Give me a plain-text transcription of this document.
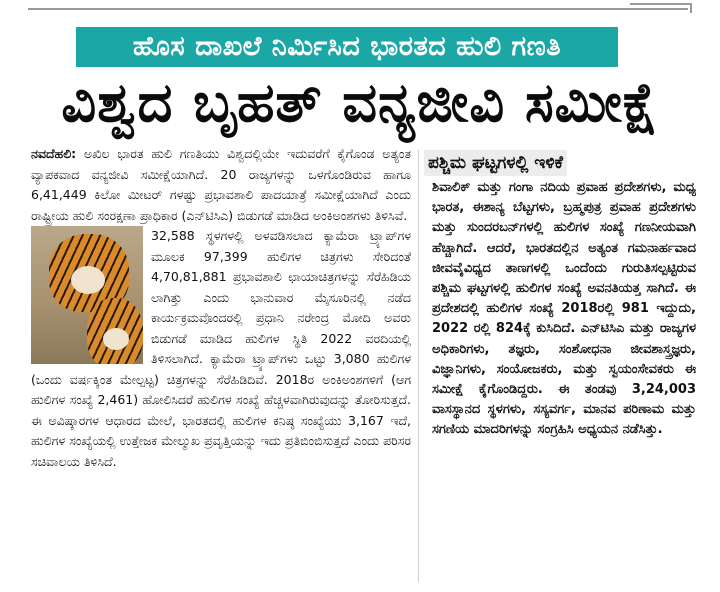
ಹೊಸ ದಾಖಲೆ ನಿರ್ಮಿಸಿದ ಭಾರತದ ಹುಲಿ ಗಣತಿ
ವಿಶ್ವದ ಬೃಹತ್ ವನ್ಯಜೀವಿ ಸಮೀಕ್ಷೆ

ನವದೆಹಲಿ: ಅಖಿಲ ಭಾರತ ಹುಲಿ ಗಣತಿಯು ವಿಶ್ವದಲ್ಲಿಯೇ ಇದುವರೆಗೆ ಕೈಗೊಂಡ ಅತ್ಯಂತ ವ್ಯಾಪಕವಾದ ವನ್ಯಜೀವಿ ಸಮೀಕ್ಷೆಯಾಗಿದೆ. 20 ರಾಜ್ಯಗಳನ್ನು ಒಳಗೊಂಡಿರುವ ಹಾಗೂ 6,41,449 ಕಿಲೋ ಮೀಟರ್ ಗಳಷ್ಟು ಪ್ರಭಾವಶಾಲಿ ಪಾದಯಾತ್ರೆ ಸಮೀಕ್ಷೆಯಾಗಿದೆ ಎಂದು ರಾಷ್ಟ್ರೀಯ ಹುಲಿ ಸಂರಕ್ಷಣಾ ಪ್ರಾಧಿಕಾರ (ಎನ್‌ಟಿಸಿಎ) ಬಿಡುಗಡೆ ಮಾಡಿದ ಅಂಕಿಅಂಶಗಳು ತಿಳಿಸಿವೆ.

32,588 ಸ್ಥಳಗಳಲ್ಲಿ ಅಳವಡಿಸಲಾದ ಕ್ಯಾಮೆರಾ ಟ್ರ್ಯಾಪ್‌ಗಳ ಮೂಲಕ 97,399 ಹುಲಿಗಳ ಚಿತ್ರಗಳು ಸೇರಿದಂತೆ 4,70,81,881 ಪ್ರಭಾವಶಾಲಿ ಛಾಯಾಚಿತ್ರಗಳನ್ನು ಸೆರೆಹಿಡಿಯ ಲಾಗಿತ್ತು ಎಂದು ಭಾನುವಾರ ಮೈಸೂರಿನಲ್ಲಿ ನಡೆದ ಕಾರ್ಯಕ್ರಮವೊಂದರಲ್ಲಿ ಪ್ರಧಾನಿ ನರೇಂದ್ರ ಮೋದಿ ಅವರು ಬಿಡುಗಡೆ ಮಾಡಿದ ಹುಲಿಗಳ ಸ್ಥಿತಿ 2022 ವರದಿಯಲ್ಲಿ ತಿಳಿಸಲಾಗಿದೆ. ಕ್ಯಾಮೆರಾ ಟ್ರ್ಯಾಪ್‌ಗಳು ಒಟ್ಟು 3,080 ಹುಲಿಗಳ (ಒಂದು ವರ್ಷಕ್ಕಿಂತ ಮೇಲ್ಪಟ್ಟ) ಚಿತ್ರಗಳನ್ನು ಸೆರೆಹಿಡಿದಿವೆ. 2018ರ ಅಂಕಿಅಂಶಗಳಿಗೆ (ಆಗ ಹುಲಿಗಳ ಸಂಖ್ಯೆ 2,461) ಹೋಲಿಸಿದರೆ ಹುಲಿಗಳ ಸಂಖ್ಯೆ ಹೆಚ್ಚಳವಾಗಿರುವುದನ್ನು ತೋರಿಸುತ್ತದೆ. ಈ ಅವಿಷ್ಕಾರಗಳ ಆಧಾರದ ಮೇಲೆ, ಭಾರತದಲ್ಲಿ ಹುಲಿಗಳ ಕನಿಷ್ಠ ಸಂಖ್ಯೆಯು 3,167 ಇದೆ, ಹುಲಿಗಳ ಸಂಖ್ಯೆಯಲ್ಲಿ ಉತ್ತೇಜಕ ಮೇಲ್ಮುಖ ಪ್ರವೃತ್ತಿಯನ್ನು ಇದು ಪ್ರತಿಬಿಂಬಿಸುತ್ತದೆ ಎಂದು ಪರಿಸರ ಸಚಿವಾಲಯ ತಿಳಿಸಿದೆ.

ಪಶ್ಚಿಮ ಘಟ್ಟಗಳಲ್ಲಿ ಇಳಿಕೆ

ಶಿವಾಲಿಕ್ ಮತ್ತು ಗಂಗಾ ನದಿಯ ಪ್ರವಾಹ ಪ್ರದೇಶಗಳು, ಮಧ್ಯ ಭಾರತ, ಈಶಾನ್ಯ ಬೆಟ್ಟಗಳು, ಬ್ರಹ್ಮಪುತ್ರ ಪ್ರವಾಹ ಪ್ರದೇಶಗಳು ಮತ್ತು ಸುಂದರಬನ್‌ಗಳಲ್ಲಿ ಹುಲಿಗಳ ಸಂಖ್ಯೆ ಗಣನೀಯವಾಗಿ ಹೆಚ್ಚಾಗಿದೆ. ಆದರೆ, ಭಾರತದಲ್ಲಿನ ಅತ್ಯಂತ ಗಮನಾರ್ಹವಾದ ಜೀವವೈವಿಧ್ಯದ ತಾಣಗಳಲ್ಲಿ ಒಂದೆಂದು ಗುರುತಿಸಲ್ಪಟ್ಟಿರುವ ಪಶ್ಚಿಮ ಘಟ್ಟಗಳಲ್ಲಿ ಹುಲಿಗಳ ಸಂಖ್ಯೆ ಅವನತಿಯತ್ತ ಸಾಗಿದೆ. ಈ ಪ್ರದೇಶದಲ್ಲಿ ಹುಲಿಗಳ ಸಂಖ್ಯೆ 2018ರಲ್ಲಿ 981 ಇದ್ದುದು, 2022 ರಲ್ಲಿ 824ಕ್ಕೆ ಕುಸಿದಿದೆ. ಎನ್‌ಟಿಸಿಎ ಮತ್ತು ರಾಜ್ಯಗಳ ಅಧಿಕಾರಿಗಳು, ತಜ್ಞರು, ಸಂಶೋಧನಾ ಜೀವಶಾಸ್ತ್ರಜ್ಞರು, ವಿಜ್ಞಾನಿಗಳು, ಸಂಯೋಜಕರು, ಮತ್ತು ಸ್ವಯಂಸೇವಕರು ಈ ಸಮೀಕ್ಷೆ ಕೈಗೊಂಡಿದ್ದರು. ಈ ತಂಡವು 3,24,003 ವಾಸಸ್ಥಾನದ ಸ್ಥಳಗಳು, ಸಸ್ಯವರ್ಗ, ಮಾನವ ಪರಿಣಾಮ ಮತ್ತು ಸಗಣಿಯ ಮಾದರಿಗಳನ್ನು ಸಂಗ್ರಹಿಸಿ ಅಧ್ಯಯನ ನಡೆಸಿತ್ತು.
